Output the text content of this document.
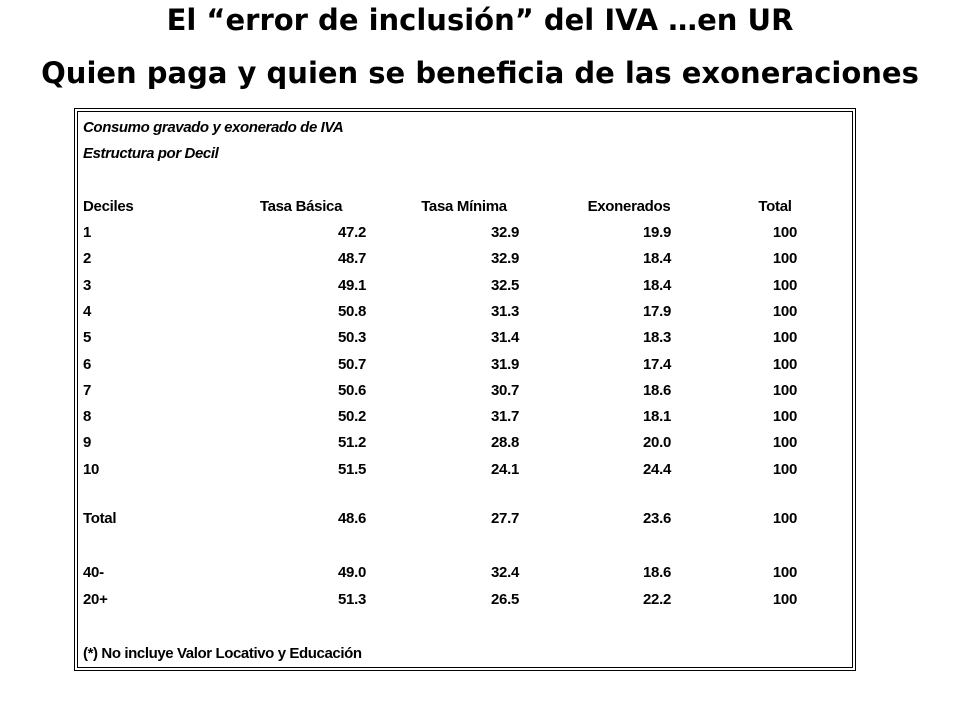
El “error de inclusión” del IVA …en UR
Quien paga y quien se beneficia de las exoneraciones
Consumo gravado y exonerado de IVA
Estructura por Decil
Deciles	Tasa Básica	Tasa Mínima	Exonerados	Total
1	47.2	32.9	19.9	100
2	48.7	32.9	18.4	100
3	49.1	32.5	18.4	100
4	50.8	31.3	17.9	100
5	50.3	31.4	18.3	100
6	50.7	31.9	17.4	100
7	50.6	30.7	18.6	100
8	50.2	31.7	18.1	100
9	51.2	28.8	20.0	100
10	51.5	24.1	24.4	100
Total	48.6	27.7	23.6	100
40-	49.0	32.4	18.6	100
20+	51.3	26.5	22.2	100
(*) No incluye Valor Locativo y Educación
